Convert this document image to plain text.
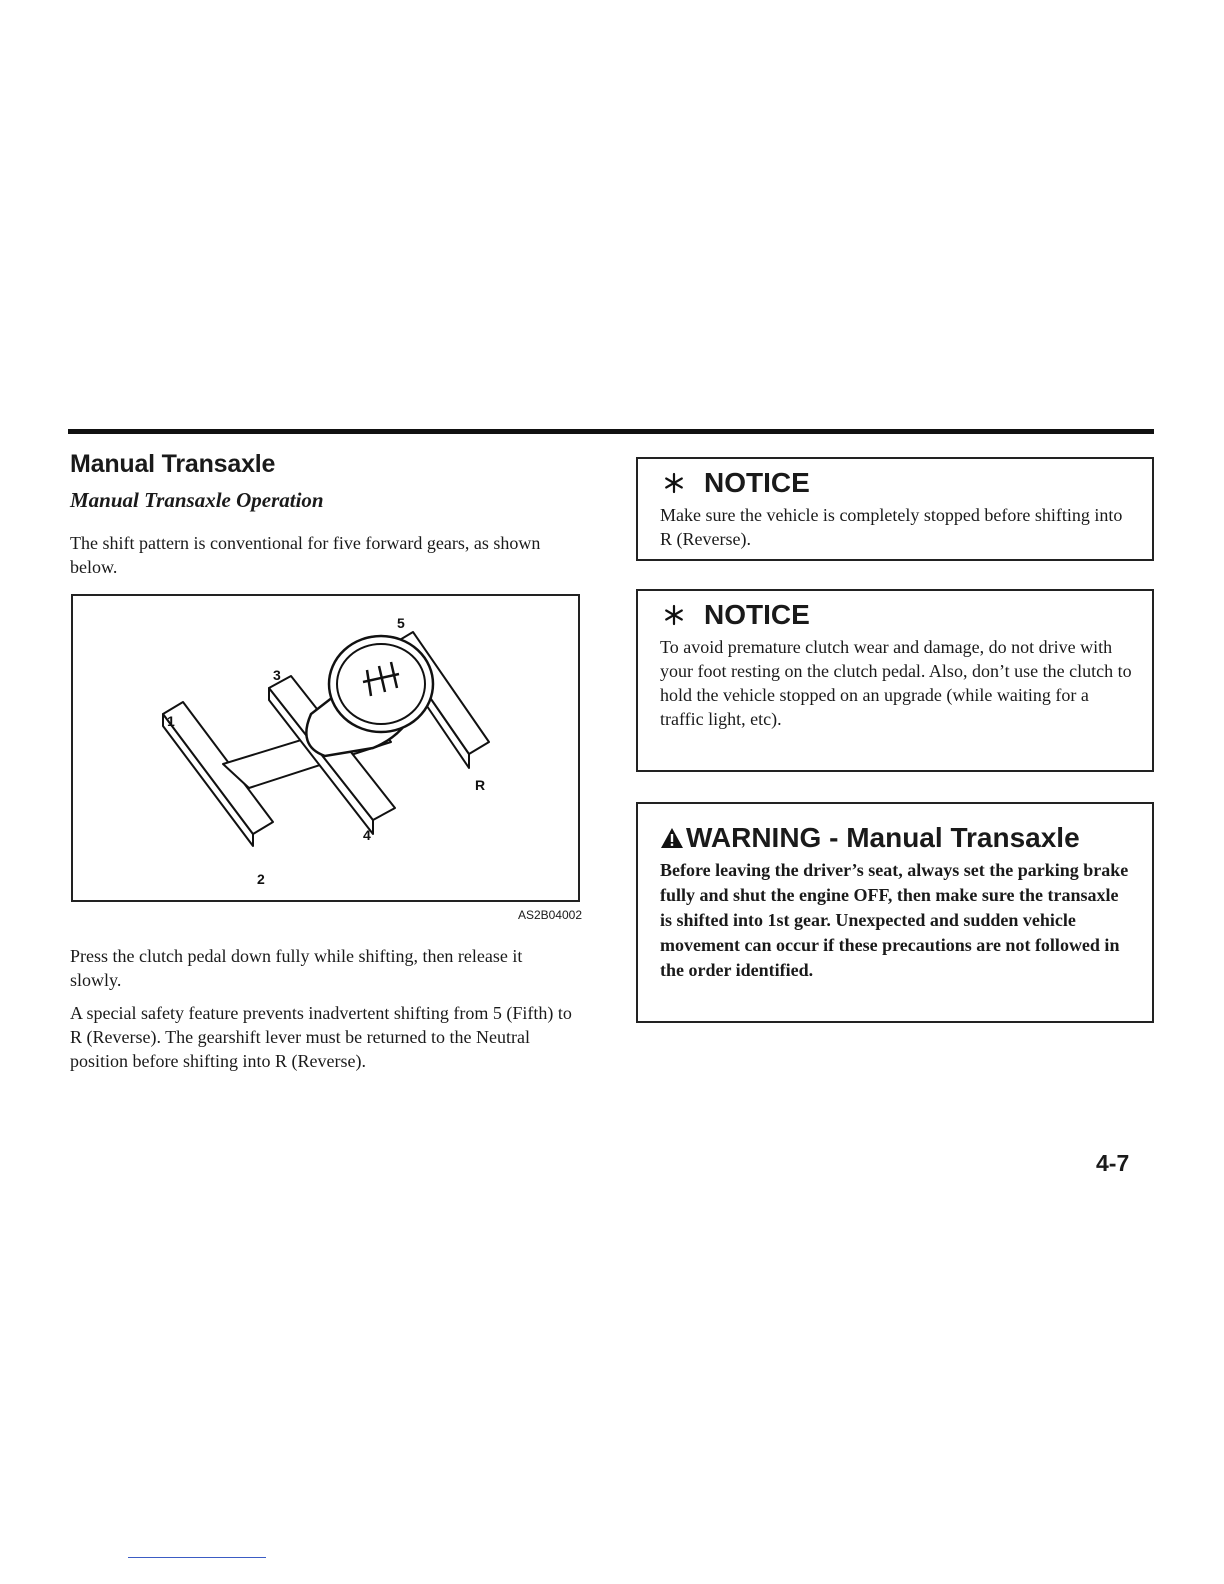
Manual Transaxle
Manual Transaxle Operation

The shift pattern is conventional for five forward gears, as shown below.

5
3
1
R
4
2

AS2B04002

Press the clutch pedal down fully while shifting, then release it slowly.

A special safety feature prevents inadvertent shifting from 5 (Fifth) to R (Reverse). The gearshift lever must be returned to the Neutral position before shifting into R (Reverse).

NOTICE

Make sure the vehicle is completely stopped before shifting into R (Reverse).

NOTICE

To avoid premature clutch wear and damage, do not drive with your foot resting on the clutch pedal. Also, don’t use the clutch to hold the vehicle stopped on an upgrade (while waiting for a traffic light, etc).

WARNING - Manual Transaxle

Before leaving the driver’s seat, always set the parking brake fully and shut the engine OFF, then make sure the transaxle is shifted into 1st gear. Unexpected and sudden vehicle movement can occur if these precautions are not followed in the order identified.

4-7
